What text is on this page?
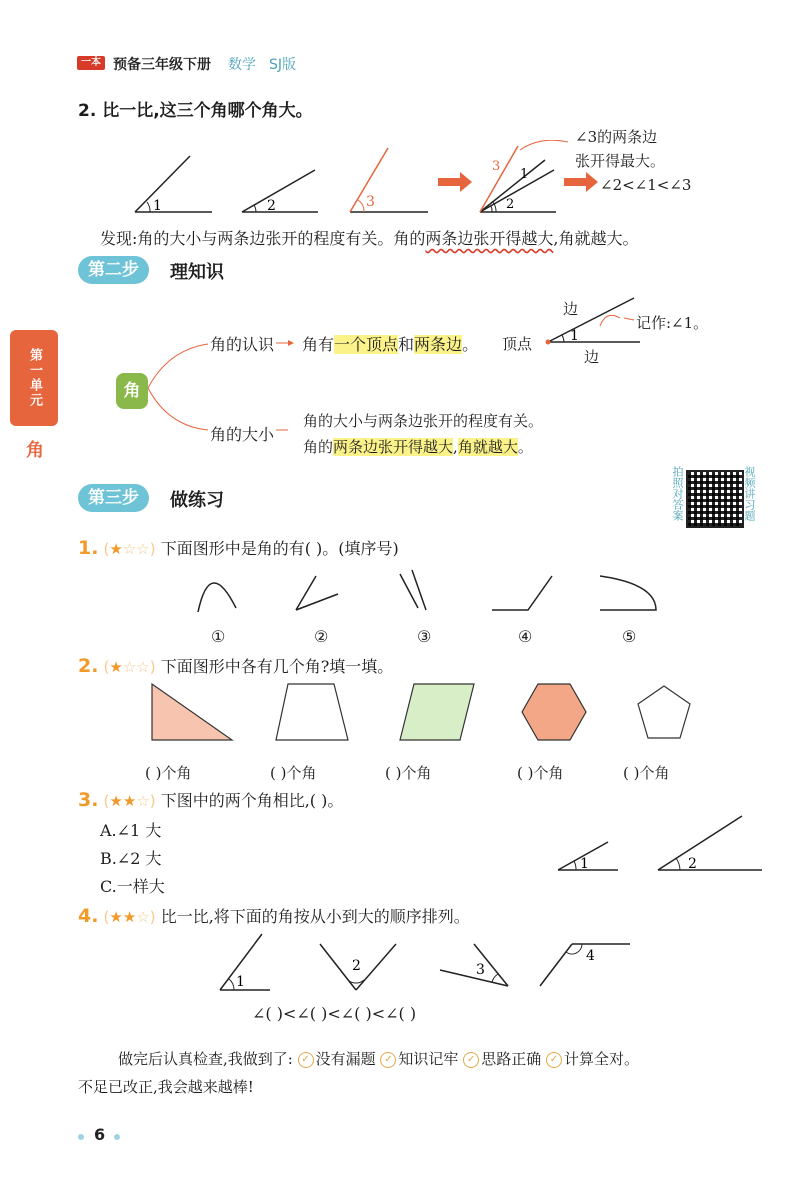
一本 预备三年级下册 数学 SJ版
2. 比一比,这三个角哪个角大。
1	2	3
1
2
3
∠3的两条边
张开得最大。
∠2<∠1<∠3
发现:角的大小与两条边张开的程度有关。角的两条边张开得越大,角就越大。
第二步	理知识
第一单元
角
角
角的认识 角有一个顶点和两条边。 顶点	1
边
边
记作:∠1。
角的大小
角的大小与两条边张开的程度有关。
角的两条边张开得越大,角就越大。
第三步	做练习	拍照对答案	视频讲习题
1. (★☆☆) 下面图形中是角的有( )。(填序号)
①	②	③	④	⑤
2. (★☆☆) 下面图形中各有几个角?填一填。
( )个角	( )个角	( )个角	( )个角	( )个角
3. (★★☆) 下图中的两个角相比,( )。
A.∠1 大
B.∠2 大
C.一样大
1	2
4. (★★☆) 比一比,将下面的角按从小到大的顺序排列。
1
2	3
4
∠( )<∠( )<∠( )<∠( )
做完后认真检查,我做到了: ✓ 没有漏题 ✓ 知识记牢 ✓ 思路正确 ✓ 计算全对。
不足已改正,我会越来越棒!
6
